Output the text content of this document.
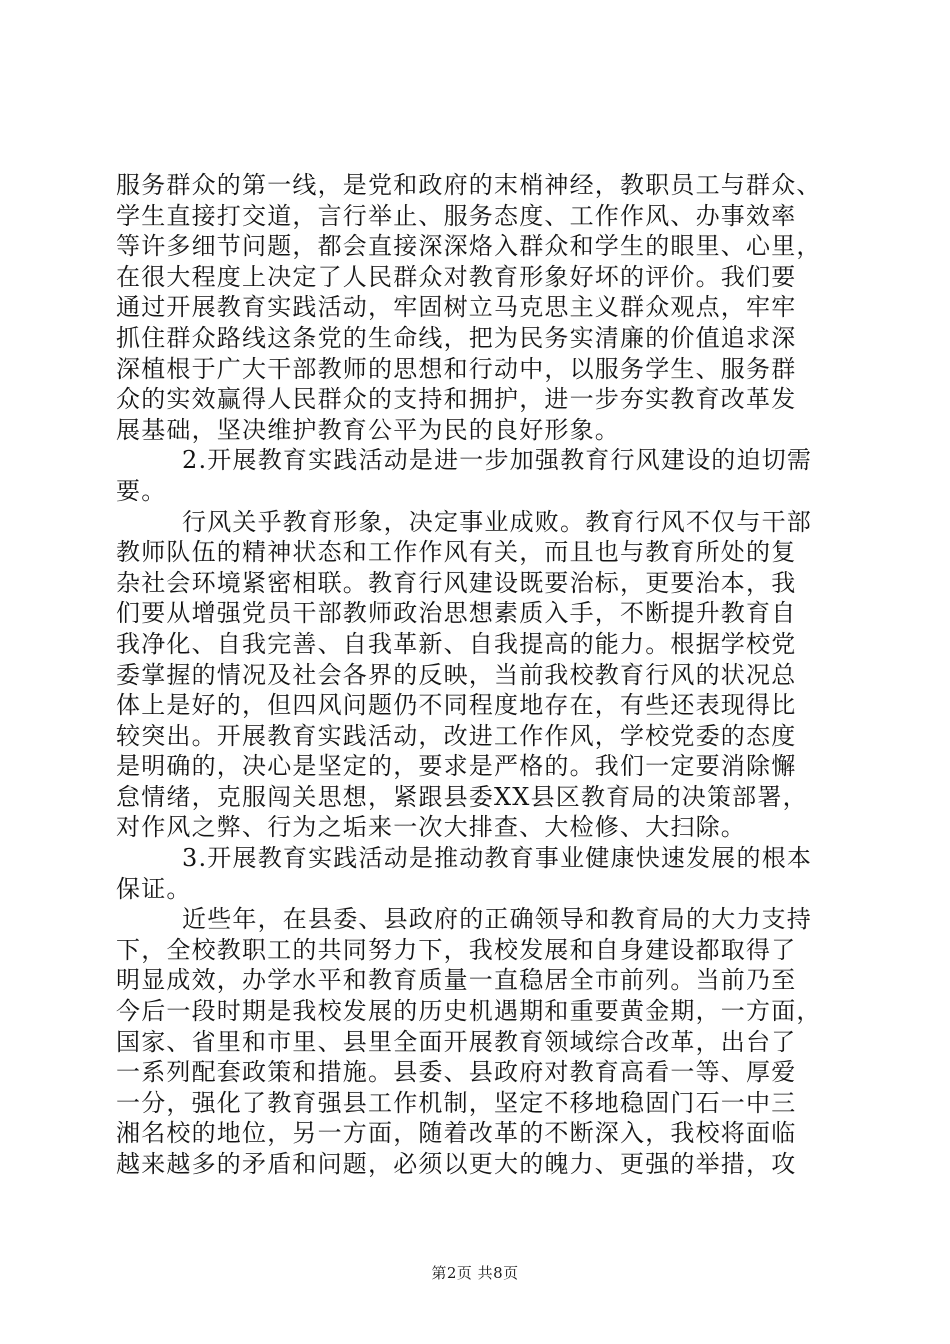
服务群众的第一线，是党和政府的末梢神经，教职员工与群众、
学生直接打交道，言行举止、服务态度、工作作风、办事效率
等许多细节问题，都会直接深深烙入群众和学生的眼里、心里，
在很大程度上决定了人民群众对教育形象好坏的评价。我们要
通过开展教育实践活动，牢固树立马克思主义群众观点，牢牢
抓住群众路线这条党的生命线，把为民务实清廉的价值追求深
深植根于广大干部教师的思想和行动中，以服务学生、服务群
众的实效赢得人民群众的支持和拥护，进一步夯实教育改革发
展基础，坚决维护教育公平为民的良好形象。
2.开展教育实践活动是进一步加强教育行风建设的迫切需
要。
行风关乎教育形象，决定事业成败。教育行风不仅与干部
教师队伍的精神状态和工作作风有关，而且也与教育所处的复
杂社会环境紧密相联。教育行风建设既要治标，更要治本，我
们要从增强党员干部教师政治思想素质入手，不断提升教育自
我净化、自我完善、自我革新、自我提高的能力。根据学校党
委掌握的情况及社会各界的反映，当前我校教育行风的状况总
体上是好的，但四风问题仍不同程度地存在，有些还表现得比
较突出。开展教育实践活动，改进工作作风，学校党委的态度
是明确的，决心是坚定的，要求是严格的。我们一定要消除懈
怠情绪，克服闯关思想，紧跟县委XX县区教育局的决策部署，
对作风之弊、行为之垢来一次大排查、大检修、大扫除。
3.开展教育实践活动是推动教育事业健康快速发展的根本
保证。
近些年，在县委、县政府的正确领导和教育局的大力支持
下，全校教职工的共同努力下，我校发展和自身建设都取得了
明显成效，办学水平和教育质量一直稳居全市前列。当前乃至
今后一段时期是我校发展的历史机遇期和重要黄金期，一方面，
国家、省里和市里、县里全面开展教育领域综合改革，出台了
一系列配套政策和措施。县委、县政府对教育高看一等、厚爱
一分，强化了教育强县工作机制，坚定不移地稳固门石一中三
湘名校的地位，另一方面，随着改革的不断深入，我校将面临
越来越多的矛盾和问题，必须以更大的魄力、更强的举措，攻
第2页 共8页
